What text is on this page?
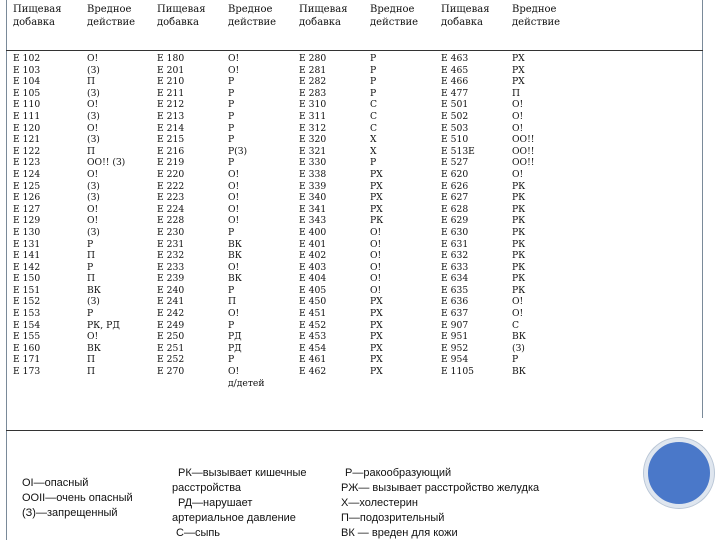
Пищевая добавка
Вредное действие
Пищевая добавка
Вредное действие
Пищевая добавка
Вредное действие
Пищевая добавка
Вредное действие
Е 102
Е 103
Е 104
Е 105
Е 110
Е 111
Е 120
Е 121
Е 122
Е 123
Е 124
Е 125
Е 126
Е 127
Е 129
Е 130
Е 131
Е 141
Е 142
Е 150
Е 151
Е 152
Е 153
Е 154
Е 155
Е 160
Е 171
Е 173
О!
(З)
П
(З)
О!
(З)
О!
(З)
П
ОО!! (З)
О!
(З)
(З)
О!
О!
(З)
Р
П
Р
П
ВК
(З)
Р
РК, РД
О!
ВК
П
П
Е 180
Е 201
Е 210
Е 211
Е 212
Е 213
Е 214
Е 215
Е 216
Е 219
Е 220
Е 222
Е 223
Е 224
Е 228
Е 230
Е 231
Е 232
Е 233
Е 239
Е 240
Е 241
Е 242
Е 249
Е 250
Е 251
Е 252
Е 270
О!
О!
Р
Р
Р
Р
Р
Р
Р(З)
Р
О!
О!
О!
О!
О!
Р
ВК
ВК
О!
ВК
Р
П
О!
Р
РД
РД
Р
О!
д/детей
Е 280
Е 281
Е 282
Е 283
Е 310
Е 311
Е 312
Е 320
Е 321
Е 330
Е 338
Е 339
Е 340
Е 341
Е 343
Е 400
Е 401
Е 402
Е 403
Е 404
Е 405
Е 450
Е 451
Е 452
Е 453
Е 454
Е 461
Е 462
Р
Р
Р
Р
С
С
С
Х
Х
Р
РХ
РХ
РХ
РХ
РК
О!
О!
О!
О!
О!
О!
РХ
РХ
РХ
РХ
РХ
РХ
РХ
Е 463
Е 465
Е 466
Е 477
Е 501
Е 502
Е 503
Е 510
Е 513Е
Е 527
Е 620
Е 626
Е 627
Е 628
Е 629
Е 630
Е 631
Е 632
Е 633
Е 634
Е 635
Е 636
Е 637
Е 907
Е 951
Е 952
Е 954
Е 1105
РХ
РХ
РХ
П
О!
О!
О!
ОО!!
ОО!!
ОО!!
О!
РК
РК
РК
РК
РК
РК
РК
РК
РК
РК
О!
О!
С
ВК
(З)
Р
ВК
ОI—опасный
ООII—очень опасный
(З)—запрещенный
РК—вызывает кишечные
расстройства
РД—нарушает
артериальное давление
С—сыпь
Р—ракообразующий
РЖ— вызывает расстройство желудка
Х—холестерин
П—подозрительный
ВК — вреден для кожи
